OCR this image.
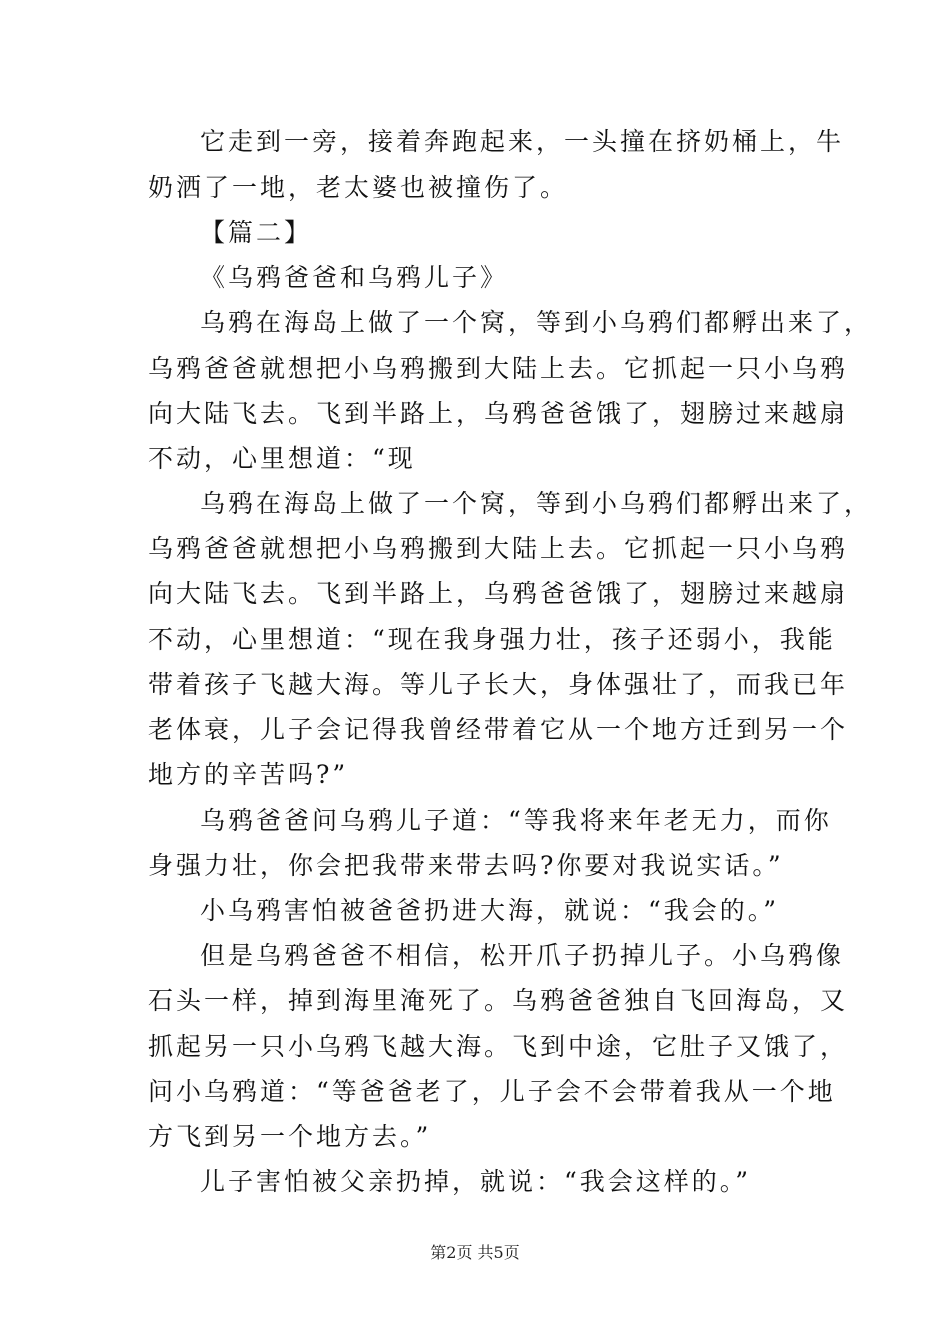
它走到一旁，接着奔跑起来，一头撞在挤奶桶上，牛
奶洒了一地，老太婆也被撞伤了。
【篇二】
《乌鸦爸爸和乌鸦儿子》
乌鸦在海岛上做了一个窝，等到小乌鸦们都孵出来了，
乌鸦爸爸就想把小乌鸦搬到大陆上去。它抓起一只小乌鸦
向大陆飞去。飞到半路上，乌鸦爸爸饿了，翅膀过来越扇
不动，心里想道：“现
乌鸦在海岛上做了一个窝，等到小乌鸦们都孵出来了，
乌鸦爸爸就想把小乌鸦搬到大陆上去。它抓起一只小乌鸦
向大陆飞去。飞到半路上，乌鸦爸爸饿了，翅膀过来越扇
不动，心里想道：“现在我身强力壮，孩子还弱小，我能
带着孩子飞越大海。等儿子长大，身体强壮了，而我已年
老体衰，儿子会记得我曾经带着它从一个地方迁到另一个
地方的辛苦吗?”
乌鸦爸爸问乌鸦儿子道：“等我将来年老无力，而你
身强力壮，你会把我带来带去吗?你要对我说实话。”
小乌鸦害怕被爸爸扔进大海，就说：“我会的。”
但是乌鸦爸爸不相信，松开爪子扔掉儿子。小乌鸦像
石头一样，掉到海里淹死了。乌鸦爸爸独自飞回海岛，又
抓起另一只小乌鸦飞越大海。飞到中途，它肚子又饿了，
问小乌鸦道：“等爸爸老了，儿子会不会带着我从一个地
方飞到另一个地方去。”
儿子害怕被父亲扔掉，就说：“我会这样的。”
第2页 共5页
